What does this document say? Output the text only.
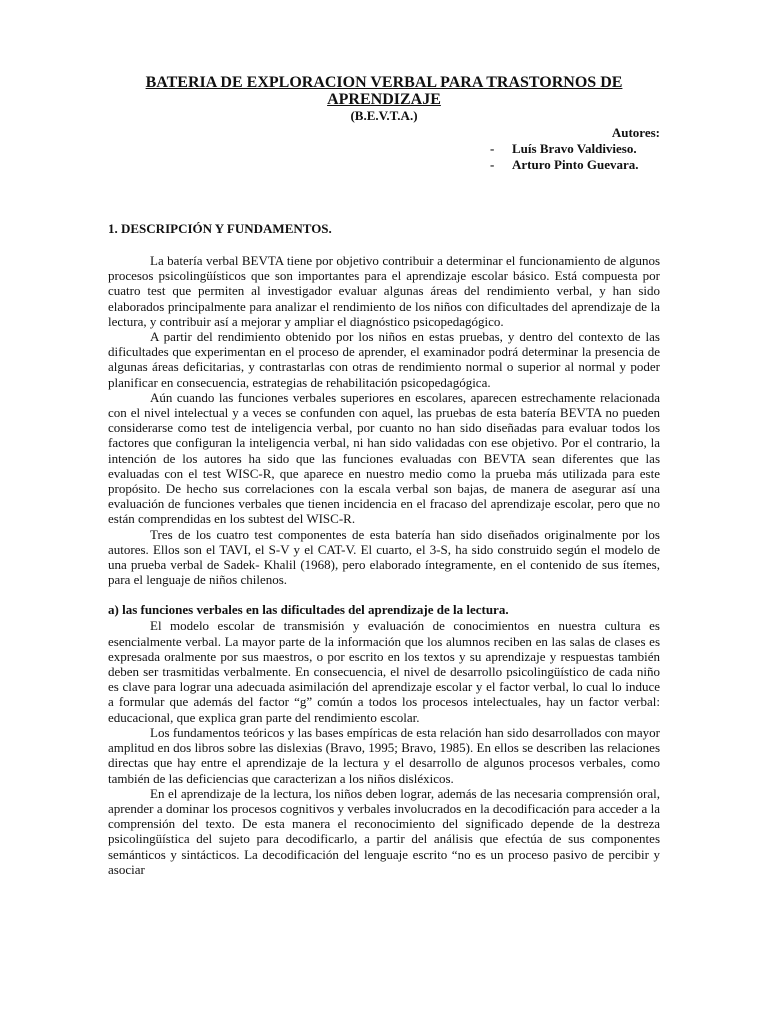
BATERIA DE EXPLORACION VERBAL PARA TRASTORNOS DE APRENDIZAJE
(B.E.V.T.A.)
Autores:
-	Luís Bravo Valdivieso.
-	Arturo Pinto Guevara.
1. DESCRIPCIÓN Y FUNDAMENTOS.

La batería verbal BEVTA tiene por objetivo contribuir a determinar el funcionamiento de algunos procesos psicolingüísticos que son importantes para el aprendizaje escolar básico. Está compuesta por cuatro test que permiten al investigador evaluar algunas áreas del rendimiento verbal, y han sido elaborados principalmente para analizar el rendimiento de los niños con dificultades del aprendizaje de la lectura, y contribuir así a mejorar y ampliar el diagnóstico psicopedagógico.

A partir del rendimiento obtenido por los niños en estas pruebas, y dentro del contexto de las dificultades que experimentan en el proceso de aprender, el examinador podrá determinar la presencia de algunas áreas deficitarias, y contrastarlas con otras de rendimiento normal o superior al normal y poder planificar en consecuencia, estrategias de rehabilitación psicopedagógica.

Aún cuando las funciones verbales superiores en escolares, aparecen estrechamente relacionada con el nivel intelectual y a veces se confunden con aquel, las pruebas de esta batería BEVTA no pueden considerarse como test de inteligencia verbal, por cuanto no han sido diseñadas para evaluar todos los factores que configuran la inteligencia verbal, ni han sido validadas con ese objetivo. Por el contrario, la intención de los autores ha sido que las funciones evaluadas con BEVTA sean diferentes que las evaluadas con el test WISC-R, que aparece en nuestro medio como la prueba más utilizada para este propósito. De hecho sus correlaciones con la escala verbal son bajas, de manera de asegurar así una evaluación de funciones verbales que tienen incidencia en el fracaso del aprendizaje escolar, pero que no están comprendidas en los subtest del WISC-R.

Tres de los cuatro test componentes de esta batería han sido diseñados originalmente por los autores. Ellos son el TAVI, el S-V y el CAT-V. El cuarto, el 3-S, ha sido construido según el modelo de una prueba verbal de Sadek- Khalil (1968), pero elaborado íntegramente, en el contenido de sus ítemes, para el lenguaje de niños chilenos.

a) las funciones verbales en las dificultades del aprendizaje de la lectura.

El modelo escolar de transmisión y evaluación de conocimientos en nuestra cultura es esencialmente verbal. La mayor parte de la información que los alumnos reciben en las salas de clases es expresada oralmente por sus maestros, o por escrito en los textos y su aprendizaje y respuestas también deben ser trasmitidas verbalmente. En consecuencia, el nivel de desarrollo psicolingüístico de cada niño es clave para lograr una adecuada asimilación del aprendizaje escolar y el factor verbal, lo cual lo induce a formular que además del factor “g” común a todos los procesos intelectuales, hay un factor verbal: educacional, que explica gran parte del rendimiento escolar.

Los fundamentos teóricos y las bases empíricas de esta relación han sido desarrollados con mayor amplitud en dos libros sobre las dislexias (Bravo, 1995; Bravo, 1985). En ellos se describen las relaciones directas que hay entre el aprendizaje de la lectura y el desarrollo de algunos procesos verbales, como también de las deficiencias que caracterizan a los niños disléxicos.

En el aprendizaje de la lectura, los niños deben lograr, además de las necesaria comprensión oral, aprender a dominar los procesos cognitivos y verbales involucrados en la decodificación para acceder a la comprensión del texto. De esta manera el reconocimiento del significado depende de la destreza psicolingüística del sujeto para decodificarlo, a partir del análisis que efectúa de sus componentes semánticos y sintácticos. La decodificación del lenguaje escrito “no es un proceso pasivo de percibir y asociar
